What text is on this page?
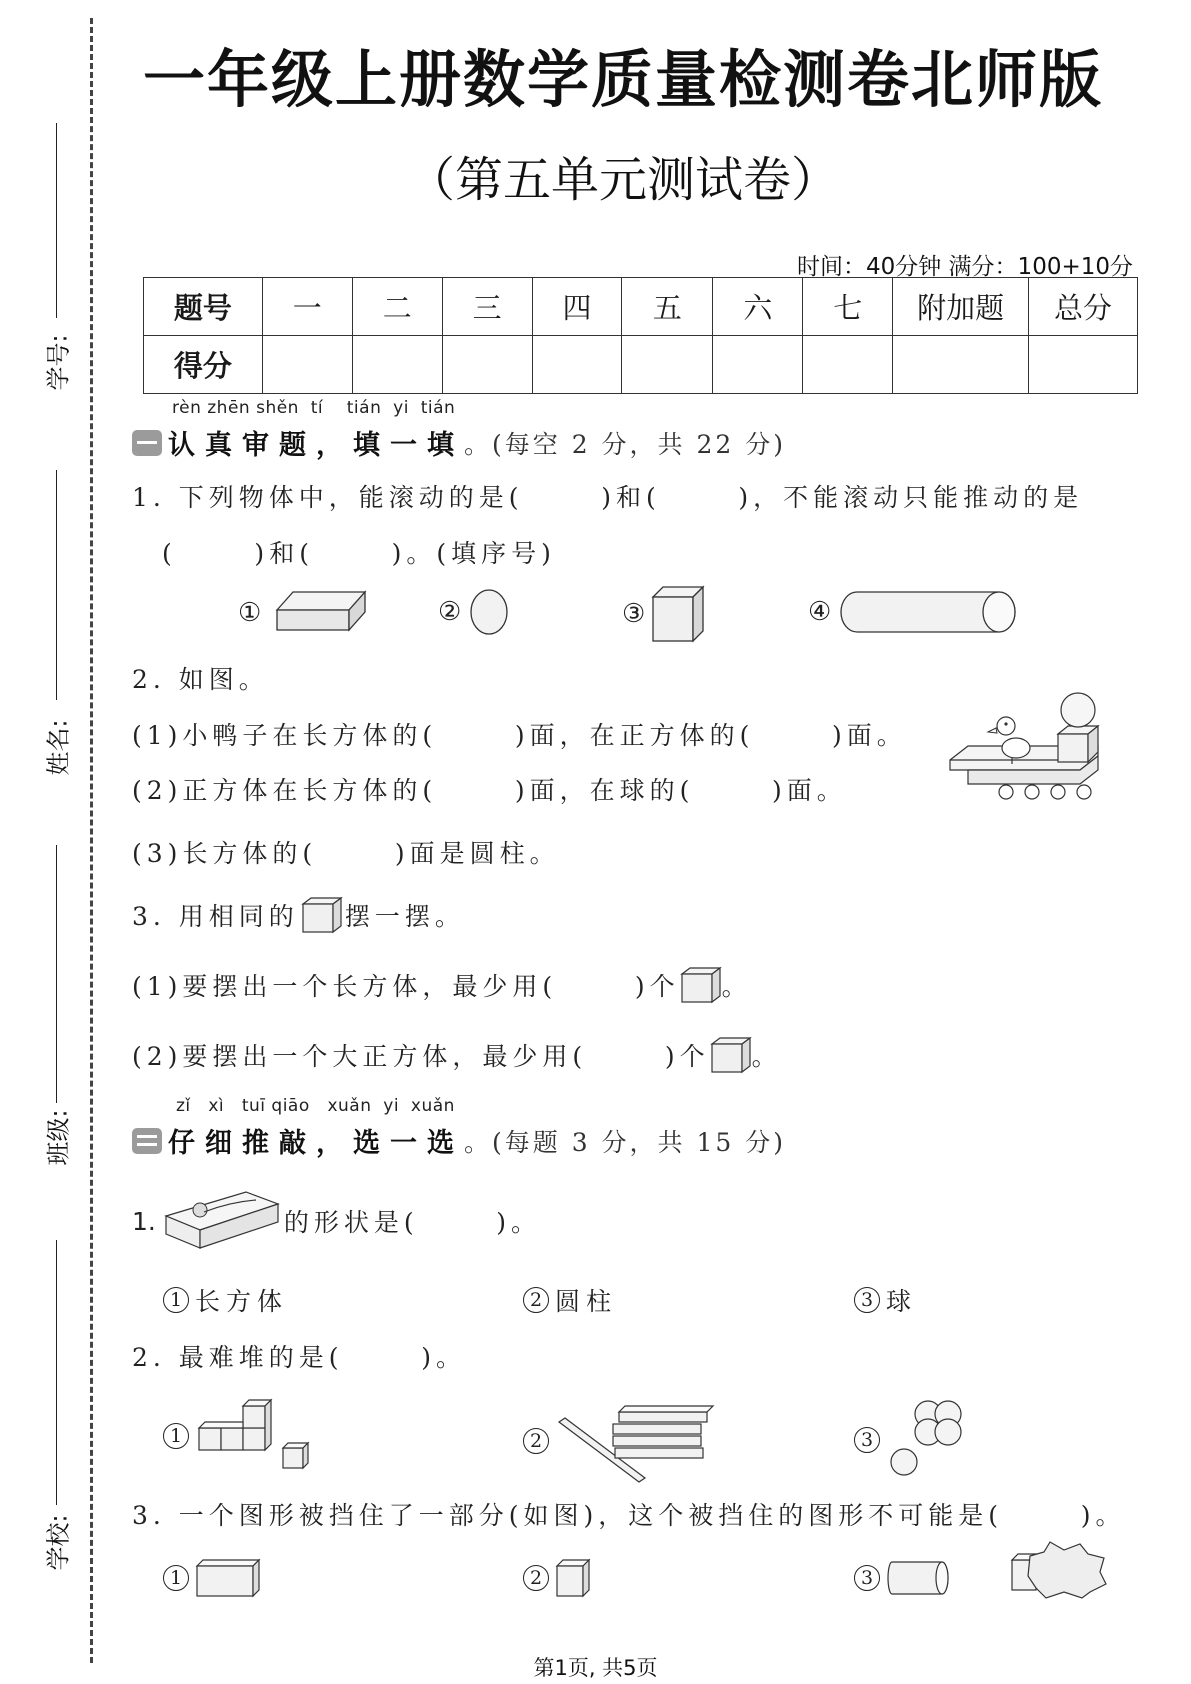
学号:
姓名:
班级:
学校:
一年级上册数学质量检测卷北师版
（第五单元测试卷）
时间：40分钟 满分：100+10分
题号	一	二	三	四	五	六	七	附加题	总分
得分									
rèn zhēn shěn  tí    tián  yi  tián
认真审题，填一填 。(每空 2 分，共 22 分)
1. 下列物体中，能滚动的是(      )和(      )，不能滚动只能推动的是
(      )和(      )。(填序号)
①	②	③	④
2. 如图。
(1)小鸭子在长方体的(      )面，在正方体的(      )面。
(2)正方体在长方体的(      )面，在球的(      )面。
(3)长方体的(      )面是圆柱。
3. 用相同的 摆一摆。
(1)要摆出一个长方体，最少用(      )个 。
(2)要摆出一个大正方体，最少用(      )个 。
zǐ   xì   tuī qiāo   xuǎn  yi  xuǎn
仔细推敲，选一选 。(每题 3 分，共 15 分)
1.	的形状是(      )。
1 长方体	2 圆柱	3 球
2. 最难堆的是(      )。
1	2	3
3. 一个图形被挡住了一部分(如图)，这个被挡住的图形不可能是(      )。
1	2	3
第1页, 共5页
